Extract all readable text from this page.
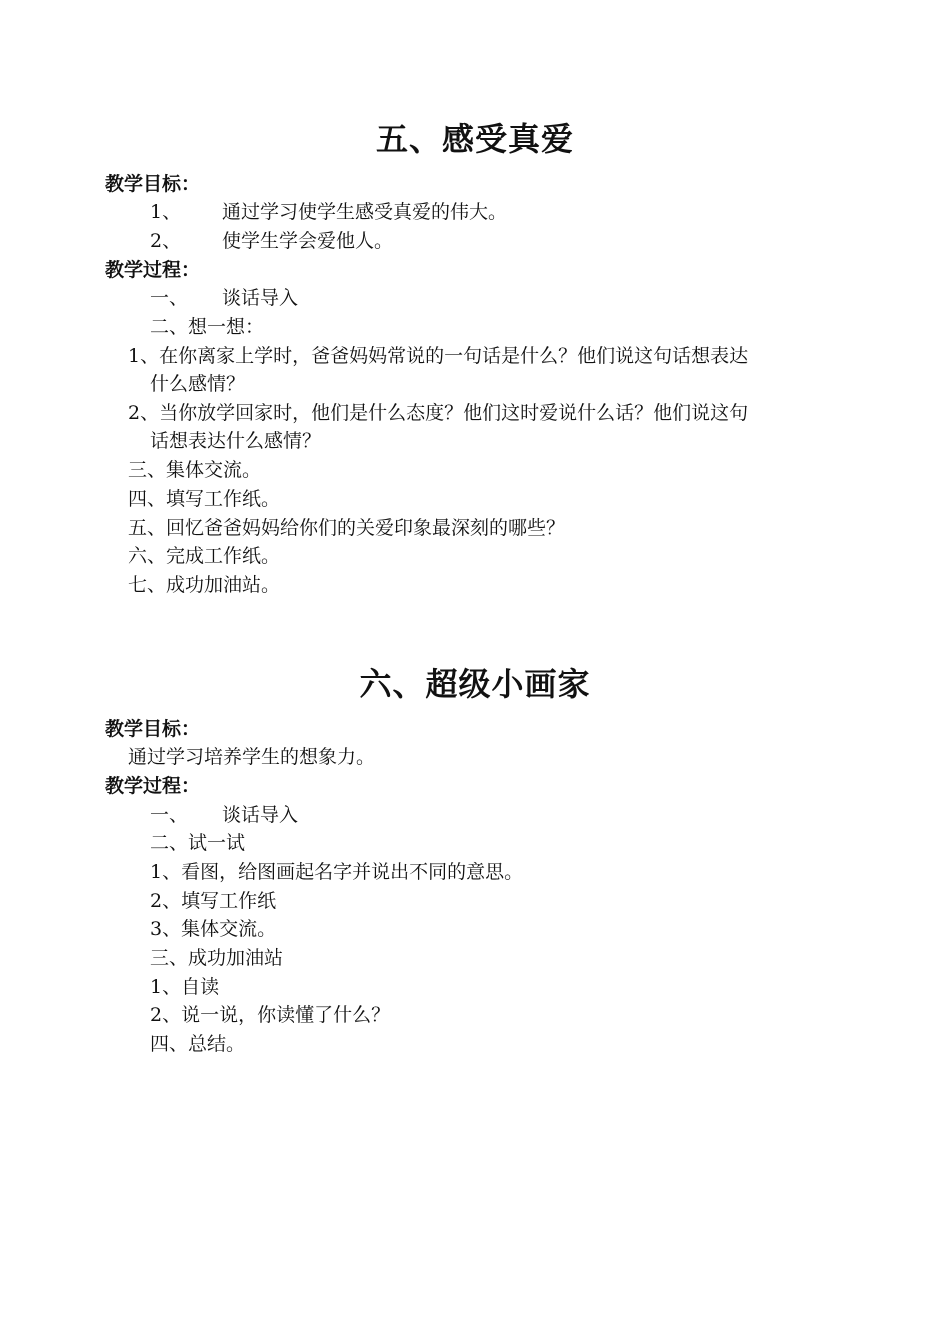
五、感受真爱
教学目标：
1、 通过学习使学生感受真爱的伟大。
2、 使学生学会爱他人。
教学过程：
一、 谈话导入
二、想一想：
1、在你离家上学时，爸爸妈妈常说的一句话是什么？他们说这句话想表达
什么感情？
2、当你放学回家时，他们是什么态度？他们这时爱说什么话？他们说这句
话想表达什么感情？
三、集体交流。
四、填写工作纸。
五、回忆爸爸妈妈给你们的关爱印象最深刻的哪些？
六、完成工作纸。
七、成功加油站。
六、超级小画家
教学目标：
通过学习培养学生的想象力。
教学过程：
一、 谈话导入
二、试一试
1、看图，给图画起名字并说出不同的意思。
2、填写工作纸
3、集体交流。
三、成功加油站
1、自读
2、说一说，你读懂了什么？
四、总结。
